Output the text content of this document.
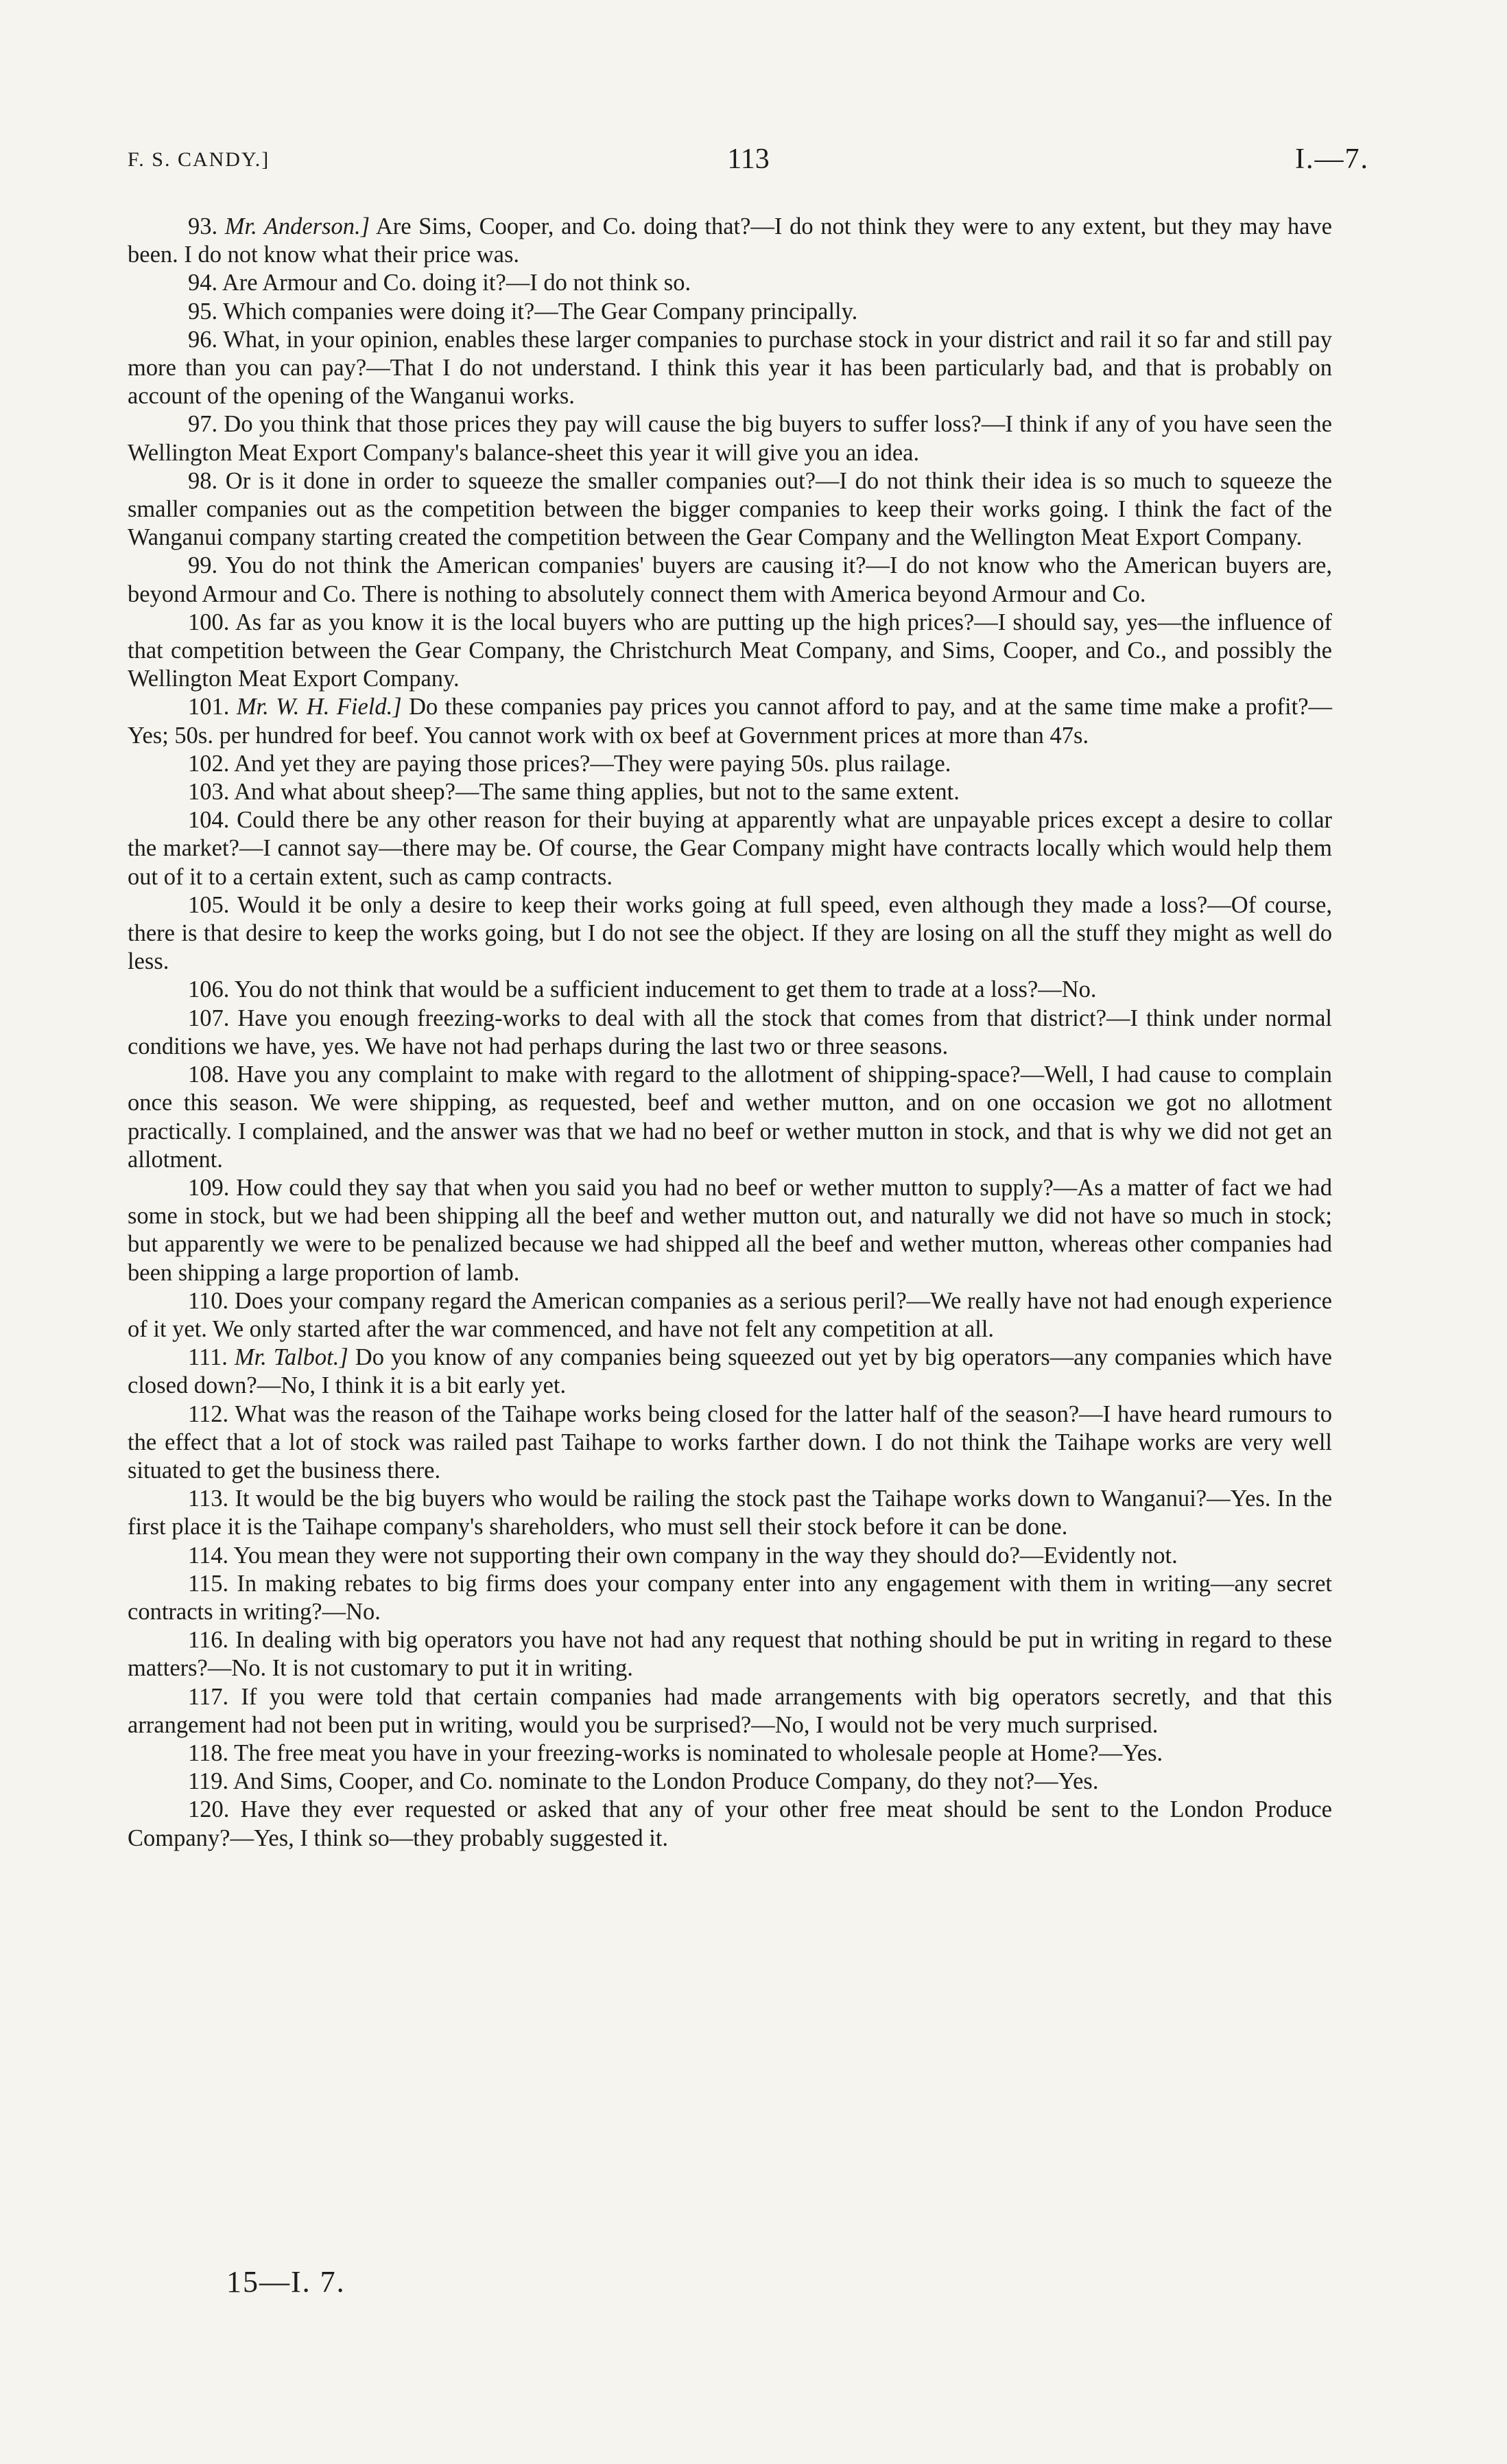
F. S. CANDY.]	113	I.—7.

93. Mr. Anderson.] Are Sims, Cooper, and Co. doing that?—I do not think they were to any extent, but they may have been. I do not know what their price was.

94. Are Armour and Co. doing it?—I do not think so.

95. Which companies were doing it?—The Gear Company principally.

96. What, in your opinion, enables these larger companies to purchase stock in your district and rail it so far and still pay more than you can pay?—That I do not understand. I think this year it has been particularly bad, and that is probably on account of the opening of the Wanganui works.

97. Do you think that those prices they pay will cause the big buyers to suffer loss?—I think if any of you have seen the Wellington Meat Export Company's balance-sheet this year it will give you an idea.

98. Or is it done in order to squeeze the smaller companies out?—I do not think their idea is so much to squeeze the smaller companies out as the competition between the bigger companies to keep their works going. I think the fact of the Wanganui company starting created the competition between the Gear Company and the Wellington Meat Export Company.

99. You do not think the American companies' buyers are causing it?—I do not know who the American buyers are, beyond Armour and Co. There is nothing to absolutely connect them with America beyond Armour and Co.

100. As far as you know it is the local buyers who are putting up the high prices?—I should say, yes—the influence of that competition between the Gear Company, the Christchurch Meat Company, and Sims, Cooper, and Co., and possibly the Wellington Meat Export Company.

101. Mr. W. H. Field.] Do these companies pay prices you cannot afford to pay, and at the same time make a profit?—Yes; 50s. per hundred for beef. You cannot work with ox beef at Government prices at more than 47s.

102. And yet they are paying those prices?—They were paying 50s. plus railage.

103. And what about sheep?—The same thing applies, but not to the same extent.

104. Could there be any other reason for their buying at apparently what are unpayable prices except a desire to collar the market?—I cannot say—there may be. Of course, the Gear Company might have contracts locally which would help them out of it to a certain extent, such as camp contracts.

105. Would it be only a desire to keep their works going at full speed, even although they made a loss?—Of course, there is that desire to keep the works going, but I do not see the object. If they are losing on all the stuff they might as well do less.

106. You do not think that would be a sufficient inducement to get them to trade at a loss?—No.

107. Have you enough freezing-works to deal with all the stock that comes from that district?—I think under normal conditions we have, yes. We have not had perhaps during the last two or three seasons.

108. Have you any complaint to make with regard to the allotment of shipping-space?—Well, I had cause to complain once this season. We were shipping, as requested, beef and wether mutton, and on one occasion we got no allotment practically. I complained, and the answer was that we had no beef or wether mutton in stock, and that is why we did not get an allotment.

109. How could they say that when you said you had no beef or wether mutton to supply?—As a matter of fact we had some in stock, but we had been shipping all the beef and wether mutton out, and naturally we did not have so much in stock; but apparently we were to be penalized because we had shipped all the beef and wether mutton, whereas other companies had been shipping a large proportion of lamb.

110. Does your company regard the American companies as a serious peril?—We really have not had enough experience of it yet. We only started after the war commenced, and have not felt any competition at all.

111. Mr. Talbot.] Do you know of any companies being squeezed out yet by big operators—any companies which have closed down?—No, I think it is a bit early yet.

112. What was the reason of the Taihape works being closed for the latter half of the season?—I have heard rumours to the effect that a lot of stock was railed past Taihape to works farther down. I do not think the Taihape works are very well situated to get the business there.

113. It would be the big buyers who would be railing the stock past the Taihape works down to Wanganui?—Yes. In the first place it is the Taihape company's shareholders, who must sell their stock before it can be done.

114. You mean they were not supporting their own company in the way they should do?—Evidently not.

115. In making rebates to big firms does your company enter into any engagement with them in writing—any secret contracts in writing?—No.

116. In dealing with big operators you have not had any request that nothing should be put in writing in regard to these matters?—No. It is not customary to put it in writing.

117. If you were told that certain companies had made arrangements with big operators secretly, and that this arrangement had not been put in writing, would you be surprised?—No, I would not be very much surprised.

118. The free meat you have in your freezing-works is nominated to wholesale people at Home?—Yes.

119. And Sims, Cooper, and Co. nominate to the London Produce Company, do they not?—Yes.

120. Have they ever requested or asked that any of your other free meat should be sent to the London Produce Company?—Yes, I think so—they probably suggested it.

15—I. 7.
